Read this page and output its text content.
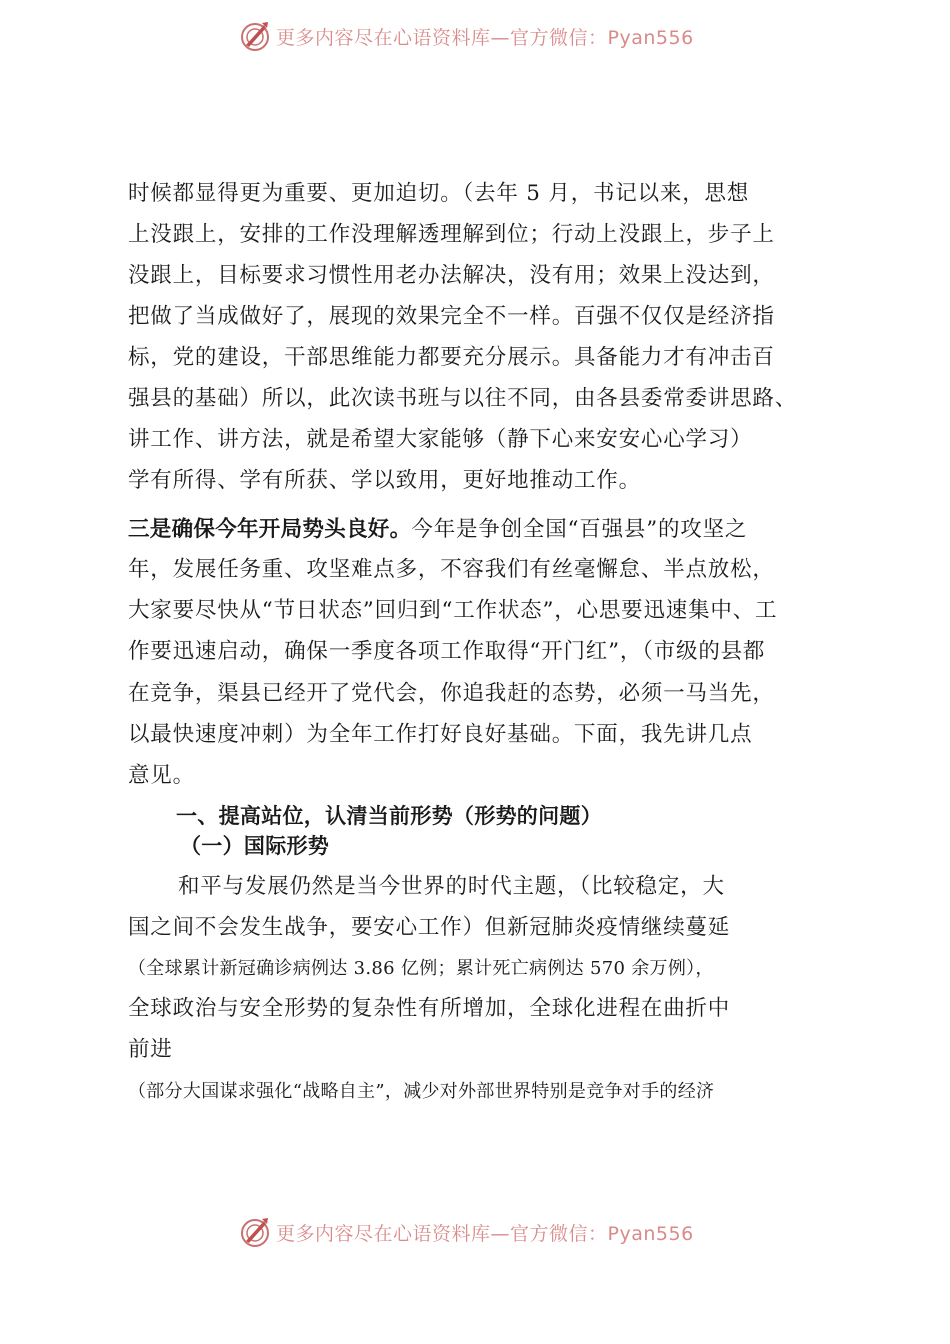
更多内容尽在心语资料库—官方微信：Pyan556
时候都显得更为重要、更加迫切。（去年 5 月，书记以来，思想
上没跟上，安排的工作没理解透理解到位；行动上没跟上，步子上
没跟上，目标要求习惯性用老办法解决，没有用；效果上没达到，
把做了当成做好了，展现的效果完全不一样。百强不仅仅是经济指
标，党的建设，干部思维能力都要充分展示。具备能力才有冲击百
强县的基础）所以，此次读书班与以往不同，由各县委常委讲思路、
讲工作、讲方法，就是希望大家能够（静下心来安安心心学习）
学有所得、学有所获、学以致用，更好地推动工作。
三是确保今年开局势头良好。今年是争创全国“百强县”的攻坚之
年，发展任务重、攻坚难点多，不容我们有丝毫懈怠、半点放松，
大家要尽快从“节日状态”回归到“工作状态”，心思要迅速集中、工
作要迅速启动，确保一季度各项工作取得“开门红”，（市级的县都
在竞争，渠县已经开了党代会，你追我赶的态势，必须一马当先，
以最快速度冲刺）为全年工作打好良好基础。下面，我先讲几点
意见。
一、提高站位，认清当前形势（形势的问题）
（一）国际形势
和平与发展仍然是当今世界的时代主题，（比较稳定，大
国之间不会发生战争，要安心工作）但新冠肺炎疫情继续蔓延
（全球累计新冠确诊病例达 3.86 亿例；累计死亡病例达 570 余万例），
全球政治与安全形势的复杂性有所增加，全球化进程在曲折中
前进
（部分大国谋求强化“战略自主”，减少对外部世界特别是竞争对手的经济
更多内容尽在心语资料库—官方微信：Pyan556
